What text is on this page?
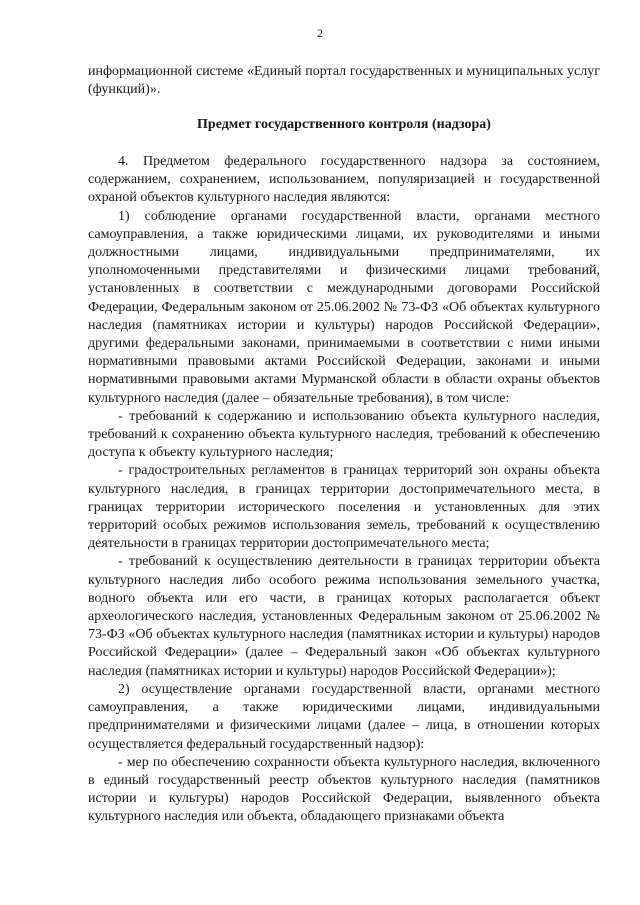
2
информационной системе «Единый портал государственных и муниципальных услуг (функций)».
Предмет государственного контроля (надзора)

4. Предметом федерального государственного надзора за состоянием, содержанием, сохранением, использованием, популяризацией и государственной охраной объектов культурного наследия являются:

1) соблюдение органами государственной власти, органами местного самоуправления, а также юридическими лицами, их руководителями и иными должностными лицами, индивидуальными предпринимателями, их уполномоченными представителями и физическими лицами требований, установленных в соответствии с международными договорами Российской Федерации, Федеральным законом от 25.06.2002 № 73-ФЗ «Об объектах культурного наследия (памятниках истории и культуры) народов Российской Федерации», другими федеральными законами, принимаемыми в соответствии с ними иными нормативными правовыми актами Российской Федерации, законами и иными нормативными правовыми актами Мурманской области в области охраны объектов культурного наследия (далее – обязательные требования), в том числе:

- требований к содержанию и использованию объекта культурного наследия, требований к сохранению объекта культурного наследия, требований к обеспечению доступа к объекту культурного наследия;

- градостроительных регламентов в границах территорий зон охраны объекта культурного наследия, в границах территории достопримечательного места, в границах территории исторического поселения и установленных для этих территорий особых режимов использования земель, требований к осуществлению деятельности в границах территории достопримечательного места;

- требований к осуществлению деятельности в границах территории объекта культурного наследия либо особого режима использования земельного участка, водного объекта или его части, в границах которых располагается объект археологического наследия, установленных Федеральным законом от 25.06.2002 № 73-ФЗ «Об объектах культурного наследия (памятниках истории и культуры) народов Российской Федерации» (далее – Федеральный закон «Об объектах культурного наследия (памятниках истории и культуры) народов Российской Федерации»);

2) осуществление органами государственной власти, органами местного самоуправления, а также юридическими лицами, индивидуальными предпринимателями и физическими лицами (далее – лица, в отношении которых осуществляется федеральный государственный надзор):

- мер по обеспечению сохранности объекта культурного наследия, включенного в единый государственный реестр объектов культурного наследия (памятников истории и культуры) народов Российской Федерации, выявленного объекта культурного наследия или объекта, обладающего признаками объекта
